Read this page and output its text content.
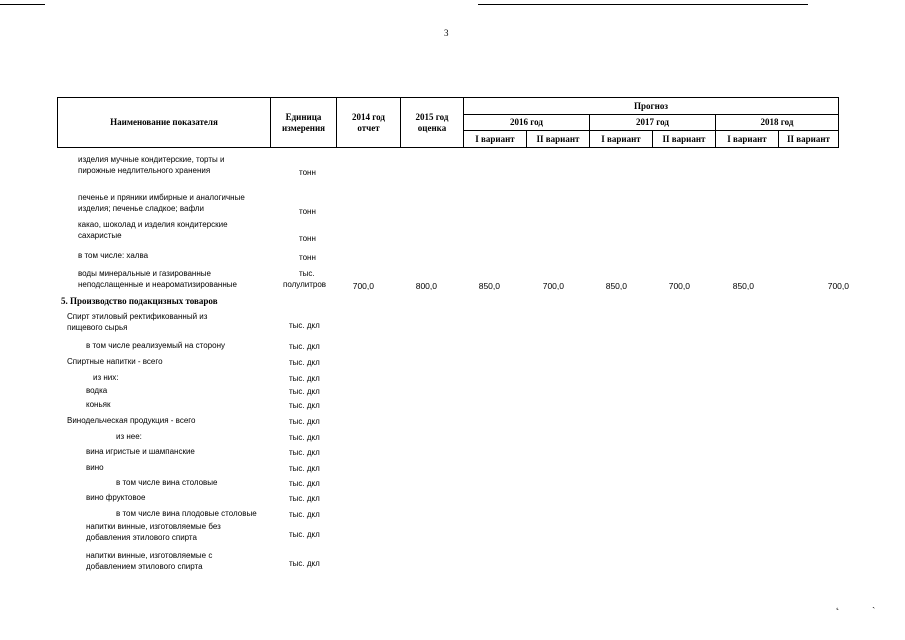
3
Наименование показателя	Единица измерения	2014 год отчет	2015 год оценка	Прогноз					
				2016 год		2017 год		2018 год	
				I вариант	II вариант	I вариант	II вариант	I вариант	II вариант
изделия мучные кондитерские, торты и
пирожные недлительного хранения	тонн
печенье и пряники имбирные и аналогичные
изделия; печенье сладкое; вафли	тонн
какао, шоколад и изделия кондитерские
сахаристые	тонн
в том числе: халва	тонн
воды минеральные и газированные
неподслащенные и неароматизированные
тыс.
полулитров	700,0	800,0	850,0	700,0	850,0	700,0	850,0	700,0
5. Производство подакцизных товаров
Спирт этиловый ректификованный из
пищевого сырья	тыс. дкл
в том числе реализуемый на сторону	тыс. дкл
Спиртные напитки - всего	тыс. дкл
из них:	тыс. дкл
водка	тыс. дкл
коньяк	тыс. дкл
Винодельческая продукция - всего	тыс. дкл
из нее:	тыс. дкл
вина игристые и шампанские	тыс. дкл
вино	тыс. дкл
в том числе вина столовые	тыс. дкл
вино фруктовое	тыс. дкл
в том числе вина плодовые столовые	тыс. дкл
напитки винные, изготовляемые без
добавления этилового спирта	тыс. дкл
напитки винные, изготовляемые с
добавлением этилового спирта	тыс. дкл
˛	ˎ
